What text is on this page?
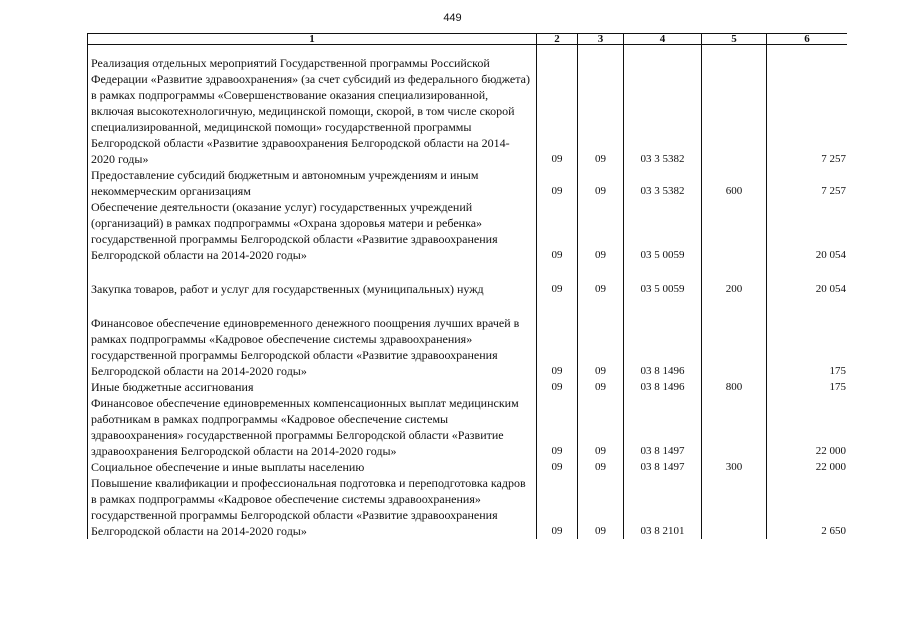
449
1	2	3	4	5	6

Реализация отдельных мероприятий Государственной программы Российской Федерации «Развитие здравоохранения» (за счет субсидий из федерального бюджета) в рамках подпрограммы «Совершенствование оказания специализированной, включая высокотехнологичную, медицинской помощи, скорой, в том числе скорой специализированной, медицинской помощи» государственной программы Белгородской области «Развитие здравоохранения Белгородской области на 2014-2020 годы»	09	09	03 3 5382		7 257
Предоставление субсидий бюджетным и автономным учреждениям и иным некоммерческим организациям	09	09	03 3 5382	600	7 257
Обеспечение деятельности (оказание услуг) государственных учреждений (организаций) в рамках подпрограммы «Охрана здоровья матери и ребенка» государственной программы Белгородской области «Развитие здравоохранения Белгородской области на 2014-2020 годы»	09	09	03 5 0059		20 054

Закупка товаров, работ и услуг для государственных (муниципальных) нужд	09	09	03 5 0059	200	20 054

Финансовое обеспечение единовременного денежного поощрения лучших врачей в рамках подпрограммы «Кадровое обеспечение системы здравоохранения» государственной программы Белгородской области «Развитие здравоохранения Белгородской области на 2014-2020 годы»	09	09	03 8 1496		175
Иные бюджетные ассигнования	09	09	03 8 1496	800	175
Финансовое обеспечение единовременных компенсационных выплат медицинским работникам в рамках подпрограммы «Кадровое обеспечение системы здравоохранения» государственной программы Белгородской области «Развитие здравоохранения Белгородской области на 2014-2020 годы»	09	09	03 8 1497		22 000
Социальное обеспечение и иные выплаты населению	09	09	03 8 1497	300	22 000
Повышение квалификации и профессиональная подготовка и переподготовка кадров в рамках подпрограммы «Кадровое обеспечение системы здравоохранения» государственной программы Белгородской области «Развитие здравоохранения Белгородской области на 2014-2020 годы»	09	09	03 8 2101		2 650
